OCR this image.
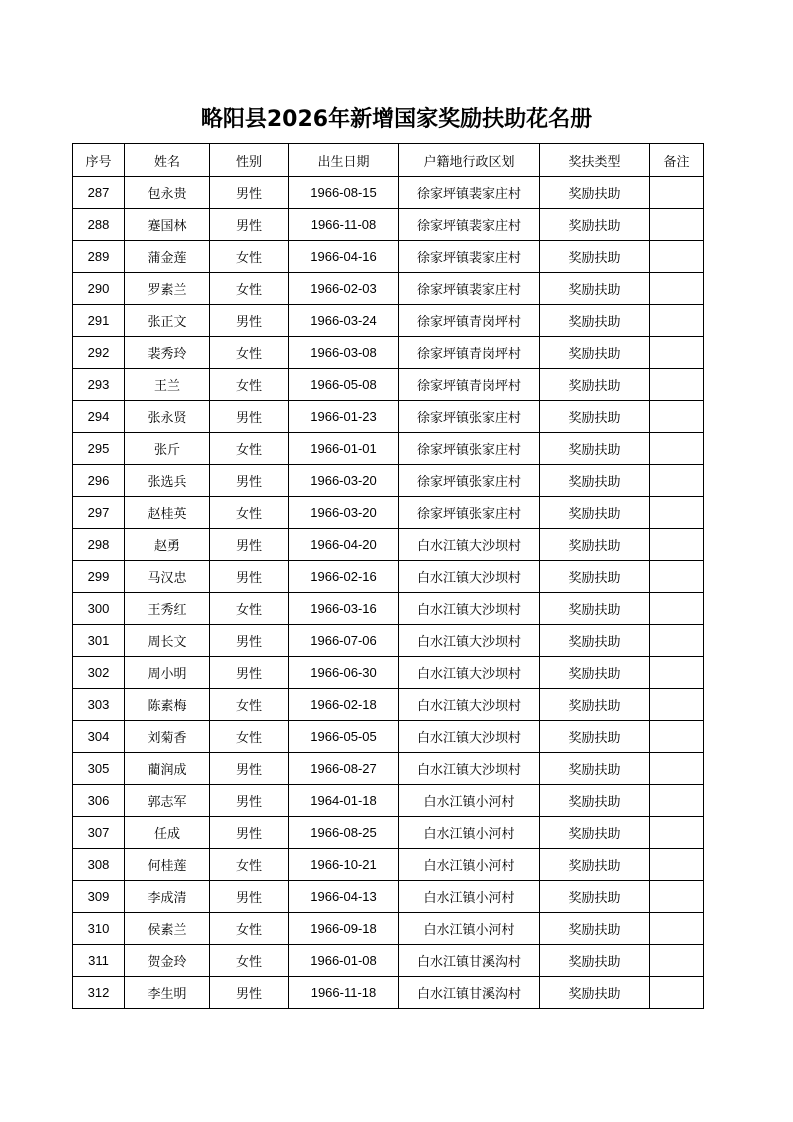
略阳县2026年新增国家奖励扶助花名册
序号	姓名	性别	出生日期	户籍地行政区划	奖扶类型	备注
287	包永贵	男性	1966-08-15	徐家坪镇裴家庄村	奖励扶助	
288	蹇国林	男性	1966-11-08	徐家坪镇裴家庄村	奖励扶助	
289	蒲金莲	女性	1966-04-16	徐家坪镇裴家庄村	奖励扶助	
290	罗素兰	女性	1966-02-03	徐家坪镇裴家庄村	奖励扶助	
291	张正文	男性	1966-03-24	徐家坪镇青岗坪村	奖励扶助	
292	裴秀玲	女性	1966-03-08	徐家坪镇青岗坪村	奖励扶助	
293	王兰	女性	1966-05-08	徐家坪镇青岗坪村	奖励扶助	
294	张永贤	男性	1966-01-23	徐家坪镇张家庄村	奖励扶助	
295	张斤	女性	1966-01-01	徐家坪镇张家庄村	奖励扶助	
296	张选兵	男性	1966-03-20	徐家坪镇张家庄村	奖励扶助	
297	赵桂英	女性	1966-03-20	徐家坪镇张家庄村	奖励扶助	
298	赵勇	男性	1966-04-20	白水江镇大沙坝村	奖励扶助	
299	马汉忠	男性	1966-02-16	白水江镇大沙坝村	奖励扶助	
300	王秀红	女性	1966-03-16	白水江镇大沙坝村	奖励扶助	
301	周长文	男性	1966-07-06	白水江镇大沙坝村	奖励扶助	
302	周小明	男性	1966-06-30	白水江镇大沙坝村	奖励扶助	
303	陈素梅	女性	1966-02-18	白水江镇大沙坝村	奖励扶助	
304	刘菊香	女性	1966-05-05	白水江镇大沙坝村	奖励扶助	
305	藺润成	男性	1966-08-27	白水江镇大沙坝村	奖励扶助	
306	郭志军	男性	1964-01-18	白水江镇小河村	奖励扶助	
307	任成	男性	1966-08-25	白水江镇小河村	奖励扶助	
308	何桂莲	女性	1966-10-21	白水江镇小河村	奖励扶助	
309	李成清	男性	1966-04-13	白水江镇小河村	奖励扶助	
310	侯素兰	女性	1966-09-18	白水江镇小河村	奖励扶助	
311	贺金玲	女性	1966-01-08	白水江镇甘溪沟村	奖励扶助	
312	李生明	男性	1966-11-18	白水江镇甘溪沟村	奖励扶助	
